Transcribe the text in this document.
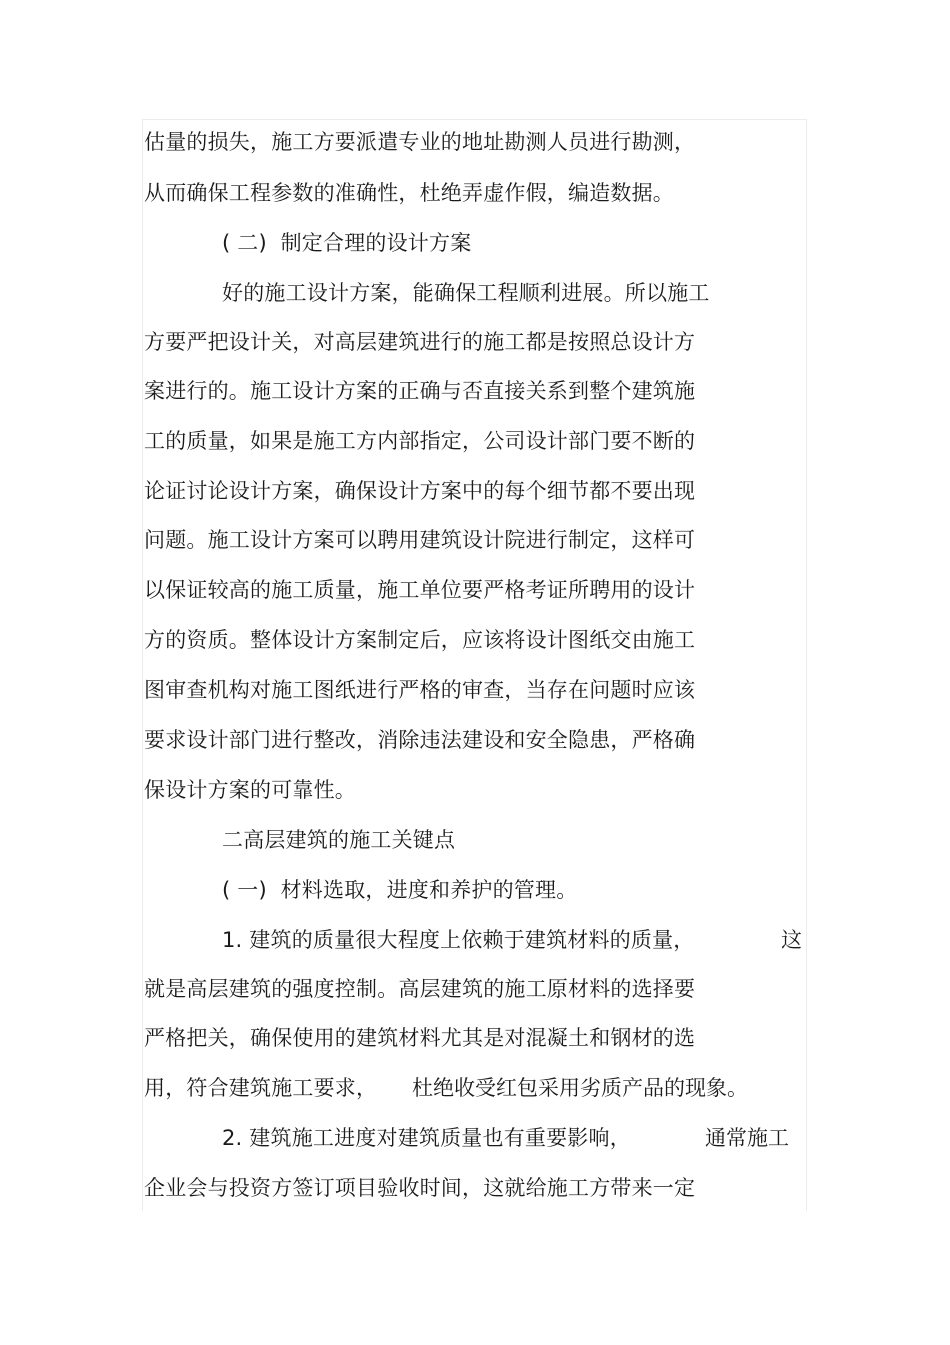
估量的损失，施工方要派遣专业的地址勘测人员进行勘测，
从而确保工程参数的准确性，杜绝弄虚作假，编造数据。
( 二)  制定合理的设计方案
好的施工设计方案，能确保工程顺利进展。所以施工
方要严把设计关，对高层建筑进行的施工都是按照总设计方
案进行的。施工设计方案的正确与否直接关系到整个建筑施
工的质量，如果是施工方内部指定，公司设计部门要不断的
论证讨论设计方案，确保设计方案中的每个细节都不要出现
问题。施工设计方案可以聘用建筑设计院进行制定，这样可
以保证较高的施工质量，施工单位要严格考证所聘用的设计
方的资质。整体设计方案制定后，应该将设计图纸交由施工
图审查机构对施工图纸进行严格的审查，当存在问题时应该
要求设计部门进行整改，消除违法建设和安全隐患，严格确
保设计方案的可靠性。
二高层建筑的施工关键点
( 一)  材料选取，进度和养护的管理。
1. 建筑的质量很大程度上依赖于建筑材料的质量，	这
就是高层建筑的强度控制。高层建筑的施工原材料的选择要
严格把关，确保使用的建筑材料尤其是对混凝土和钢材的选
用，符合建筑施工要求， 杜绝收受红包采用劣质产品的现象。
2. 建筑施工进度对建筑质量也有重要影响，	通常施工
企业会与投资方签订项目验收时间，这就给施工方带来一定
